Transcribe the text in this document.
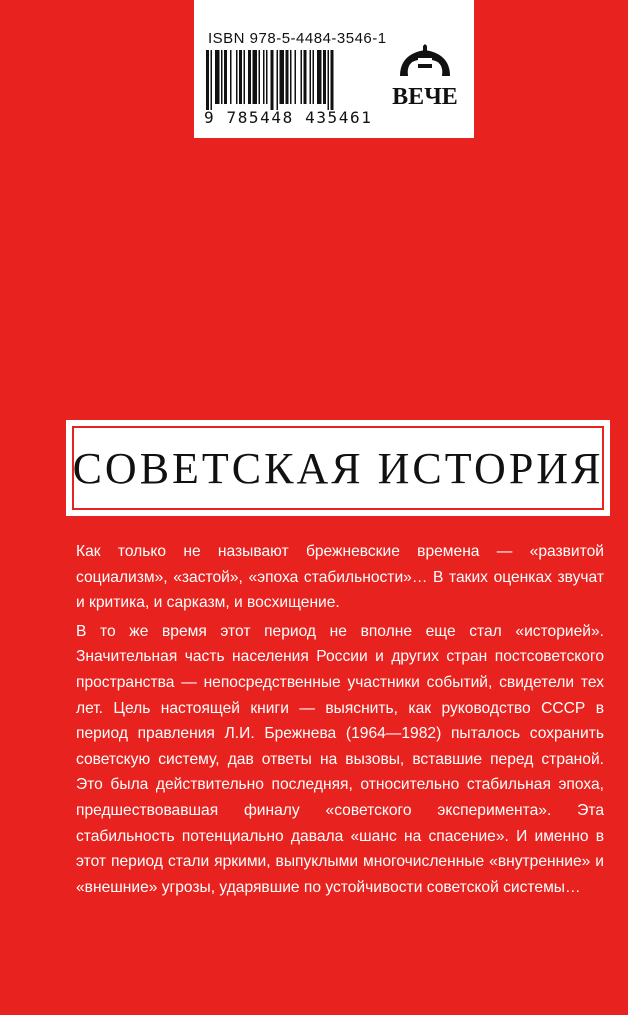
ISBN 978-5-4484-3546-1
9 785448 435461
ВЕЧЕ
СОВЕТСКАЯ ИСТОРИЯ

Как только не называют брежневские времена — «развитой социализм», «застой», «эпоха стабильности»… В таких оценках звучат и критика, и сарказм, и восхищение.

В то же время этот период не вполне еще стал «историей». Значительная часть населения России и других стран постсоветского пространства — непосредственные участники событий, свидетели тех лет. Цель настоящей книги — выяснить, как руководство СССР в период правления Л.И. Брежнева (1964—1982) пыталось сохранить советскую систему, дав ответы на вызовы, вставшие перед страной. Это была действительно последняя, относительно стабильная эпоха, предшествовавшая финалу «советского эксперимента». Эта стабильность потенциально давала «шанс на спасение». И именно в этот период стали яркими, выпуклыми многочисленные «внутренние» и «внешние» угрозы, ударявшие по устойчивости советской системы…
